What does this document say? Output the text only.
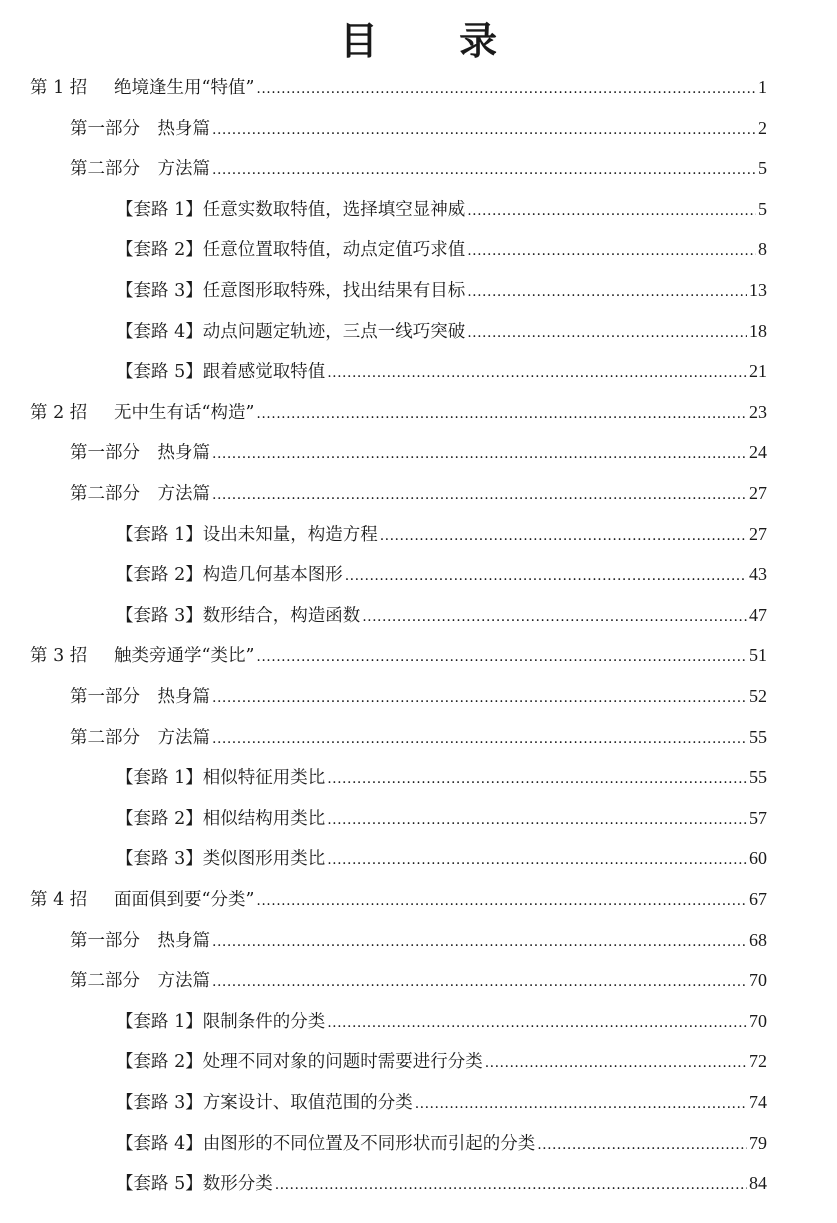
目 录
第 1 招	绝境逢生用“特值” .....	1
第一部分　热身篇 .....	2
第二部分　方法篇 .....	5
【套路 1】任意实数取特值，选择填空显神威 .....	5
【套路 2】任意位置取特值，动点定值巧求值 .....	8
【套路 3】任意图形取特殊，找出结果有目标 .....	13
【套路 4】动点问题定轨迹，三点一线巧突破 .....	18
【套路 5】跟着感觉取特值 .....	21
第 2 招	无中生有话“构造” .....	23
第一部分　热身篇 .....	24
第二部分　方法篇 .....	27
【套路 1】设出未知量，构造方程 .....	27
【套路 2】构造几何基本图形 .....	43
【套路 3】数形结合，构造函数 .....	47
第 3 招	触类旁通学“类比” .....	51
第一部分　热身篇 .....	52
第二部分　方法篇 .....	55
【套路 1】相似特征用类比 .....	55
【套路 2】相似结构用类比 .....	57
【套路 3】类似图形用类比 .....	60
第 4 招	面面俱到要“分类” .....	67
第一部分　热身篇 .....	68
第二部分　方法篇 .....	70
【套路 1】限制条件的分类 .....	70
【套路 2】处理不同对象的问题时需要进行分类 .....	72
【套路 3】方案设计、取值范围的分类 .....	74
【套路 4】由图形的不同位置及不同形状而引起的分类 .....	79
【套路 5】数形分类 .....	84
